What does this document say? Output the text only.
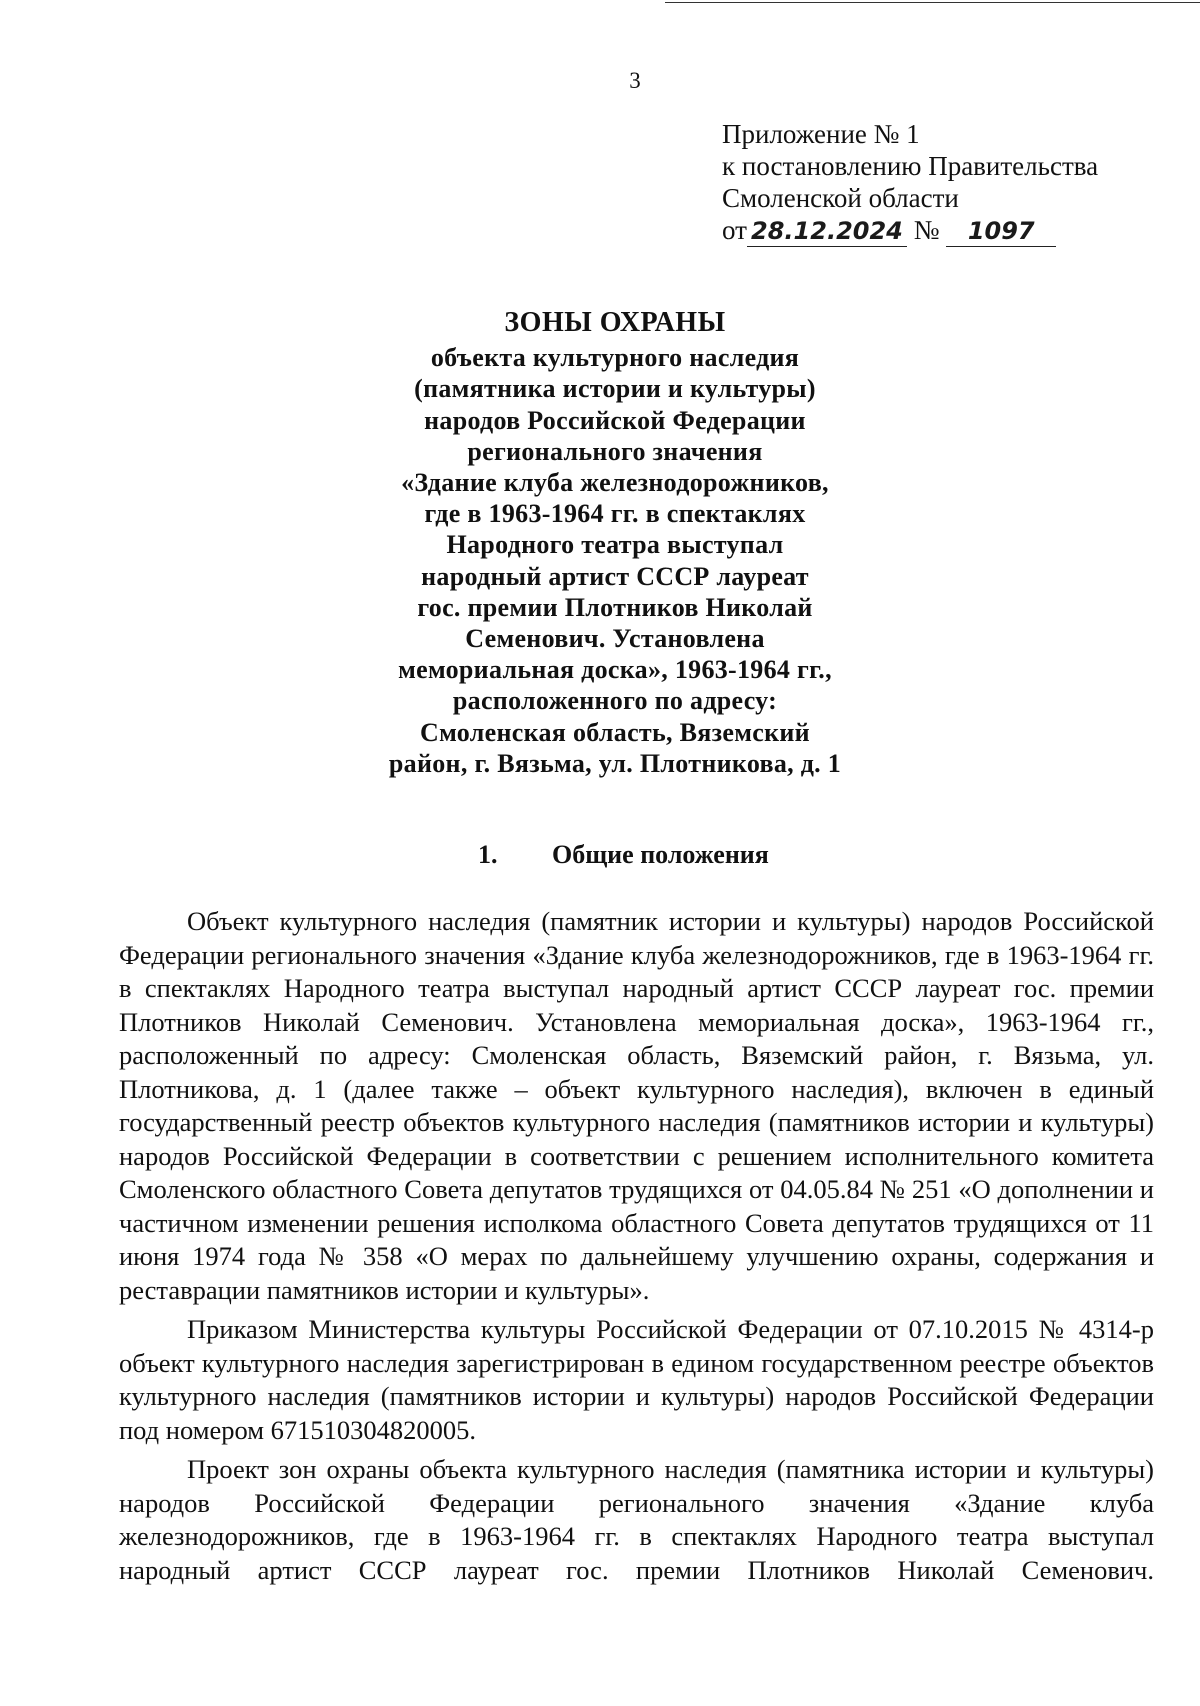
3
Приложение № 1
к постановлению Правительства
Смоленской области
от 28.12.2024 № 1097
ЗОНЫ ОХРАНЫ
объекта культурного наследия
(памятника истории и культуры)
народов Российской Федерации
регионального значения
«Здание клуба железнодорожников,
где в 1963-1964 гг. в спектаклях
Народного театра выступал
народный артист СССР лауреат
гос. премии Плотников Николай
Семенович. Установлена
мемориальная доска», 1963-1964 гг.,
расположенного по адресу:
Смоленская область, Вяземский
район, г. Вязьма, ул. Плотникова, д. 1
1. Общие положения

Объект культурного наследия (памятник истории и культуры) народов Российской Федерации регионального значения «Здание клуба железнодорожников, где в 1963-1964 гг. в спектаклях Народного театра выступал народный артист СССР лауреат гос. премии Плотников Николай Семенович. Установлена мемориальная доска», 1963-1964 гг., расположенный по адресу: Смоленская область, Вяземский район, г. Вязьма, ул. Плотникова, д. 1 (далее также – объект культурного наследия), включен в единый государственный реестр объектов культурного наследия (памятников истории и культуры) народов Российской Федерации в соответствии с решением исполнительного комитета Смоленского областного Совета депутатов трудящихся от 04.05.84 № 251 «О дополнении и частичном изменении решения исполкома областного Совета депутатов трудящихся от 11 июня 1974 года № 358 «О мерах по дальнейшему улучшению охраны, содержания и реставрации памятников истории и культуры».

Приказом Министерства культуры Российской Федерации от 07.10.2015 № 4314-р объект культурного наследия зарегистрирован в едином государственном реестре объектов культурного наследия (памятников истории и культуры) народов Российской Федерации под номером 671510304820005.

Проект зон охраны объекта культурного наследия (памятника истории и культуры) народов Российской Федерации регионального значения «Здание клуба железнодорожников, где в 1963-1964 гг. в спектаклях Народного театра выступал народный артист СССР лауреат гос. премии Плотников Николай Семенович.
